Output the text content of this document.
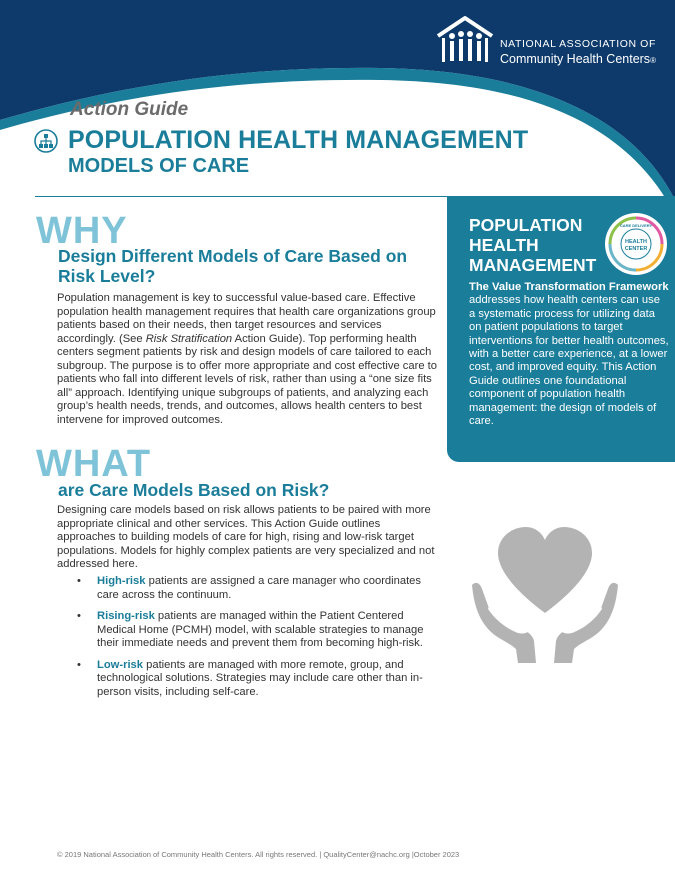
NATIONAL ASSOCIATION OF
Community Health Centers®
Action Guide
POPULATION HEALTH MANAGEMENT
MODELS OF CARE
POPULATION HEALTH MANAGEMENT
CARE DELIVERY
HEALTH
CENTER
The Value Transformation Framework addresses how health centers can use a systematic process for utilizing data on patient populations to target interventions for better health outcomes, with a better care experience, at a lower cost, and improved equity. This Action Guide outlines one foundational component of population health management: the design of models of care.
WHY
Design Different Models of Care Based on Risk Level?
Population management is key to successful value-based care. Effective population health management requires that health care organizations group patients based on their needs, then target resources and services accordingly. (See Risk Stratification Action Guide). Top performing health centers segment patients by risk and design models of care tailored to each subgroup. The purpose is to offer more appropriate and cost effective care to patients who fall into different levels of risk, rather than using a “one size fits all” approach. Identifying unique subgroups of patients, and analyzing each group’s health needs, trends, and outcomes, allows health centers to best intervene for improved outcomes.
WHAT
are Care Models Based on Risk?
Designing care models based on risk allows patients to be paired with more appropriate clinical and other services. This Action Guide outlines approaches to building models of care for high, rising and low-risk target populations. Models for highly complex patients are very specialized and not addressed here.
• High-risk patients are assigned a care manager who coordinates care across the continuum.
• Rising-risk patients are managed within the Patient Centered Medical Home (PCMH) model, with scalable strategies to manage their immediate needs and prevent them from becoming high-risk.
• Low-risk patients are managed with more remote, group, and technological solutions. Strategies may include care other than in-person visits, including self-care.
© 2019 National Association of Community Health Centers. All rights reserved. | QualityCenter@nachc.org |October 2023
